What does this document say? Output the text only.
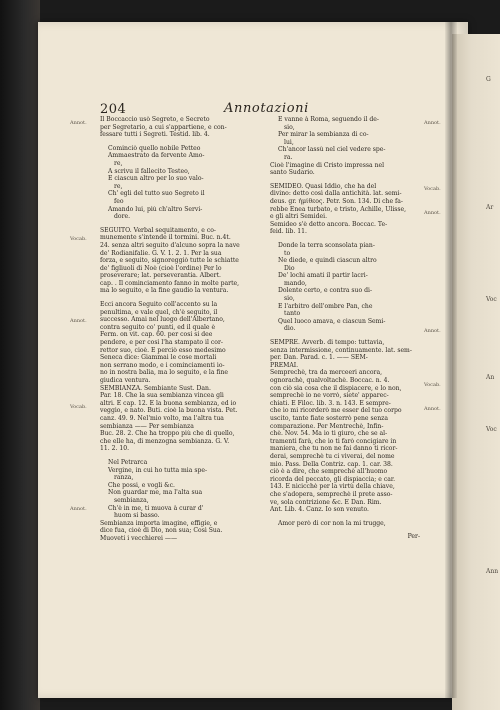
G
Ar
Voc
An
Voc
Ann
204	Annotazioni
Il Boccaccio usò Segreto, e Secreto
per Segretario, a cui s'appartiene, e con-
fessare tutti i Segreti. Testid. lib. 4.
Cominciò quello nobile Petteo
Ammaestrato da fervente Amo-
re,
A scrivu il fallecito Testeo,
E ciascun altro per lo suo valo-
re,
Ch' egli del tutto suo Segreto il
feo
Amando lui, più ch'altro Servi-
dore.
SEGUITO. Verbal sequitamento, e co-
munemente s'intende il tormini. Buc. n.4t.
24. senza altri seguito d'alcuno sopra la nave
de' Rodianifalìe. G. V. 1. 2. 1. Per la sua
forza, e seguito, signoreggiò tutte le schiatte
de' figliuoli di Noè (cioè l'ordine) Per lo
proseverare; lat. perseverantia. Albert.
cap. . Il cominciamento fanno in molte parte,
ma lo seguito, e la fine gaudio la ventura.
Ecci ancora Seguito coll'accento su la
penultima, e vale quel, ch'è seguito, il
successo. Amai nel luogo dell'Albertano,
contra seguito co' punti, ed il quale è
Ferm. on vit. cap. 60. per cosi si dee
pendere, e per così l'ha stampato il cor-
rettor suo, cioè. E perciò esso medesimo
Seneca dice: Giammai le cose mortali
non serrano modo, e i cominciamenti io-
no in nostra balìa, ma lo seguito, e la fine
giudica ventura.
SEMBIANZA. Sembiante Sust. Dan.
Par. 18. Che la sua sembianza vincea gli
altri. E cap. 12. E la buona sembianza, ed io
veggio, e nato. Buti. cioè la buona vista. Pet.
canz. 49. 9. Nel'mio volto, ma l'altra tua
sembianza —— Per sembianza
Buc. 28. 2. Che ha troppo più che di quello,
che elle ha, di menzogna sembianza. G. V.
11. 2. 10.
Nel Petrarca
Vergine, in cui ho tutta mia spe-
ranza,
Che possi, e vogli &c.
Non guardar me, ma l'alta sua
sembianza,
Ch'è in me, ti muova à curar d'
huom si basso.
Sembianza importa imagine, effigie, e
dice fua, cioè di Dio, non sua; Così Sua.
Muoveti i vecchierei ——
E vanne à Roma, seguendo il de-
sio,
Per mirar la sembianza di co-
lui,
Ch'ancor lassù nel ciel vedere spe-
ra.
Cioè l'imagine di Cristo impressa nel
santo Sudario.
SEMIDEO. Quasi Iddio, che ha del
divino: detto così dalla antichità. lat. semi-
deus. gr. ἡμίθεος. Petr. Son. 134. Di che fa-
rebbe Enea turbato, e tristo, Achille, Ulisse,
e gli altri Semidei.
Semideo s'è detto ancora. Boccac. Te-
feid. lib. 11.
Donde la terra sconsolata pian-
to
Ne diede, e quindi ciascun altro
Dio
De' lochi amati il partir lacri-
mando,
Dolente certo, e contra suo di-
sio,
E l'arbitro dell'ombre Pan, che
tanto
Quel luoco amava, e ciascun Semi-
dio.
SEMPRE. Avverb. di tempo: tuttavia,
senza intermissione, continuamente. lat. sem-
per. Dan. Parad. c. 1. —— SEM-
PREMAI.
Semprechè, tra da merceeri ancora,
ognorachè, qualvoltachè. Boccac. n. 4.
con ciò sia cosa che il dispiacere, e lo non,
semprechè io ne vorrò, siete' apparec-
chiati. E Filoc. lib. 3. n. 143. E sempre-
che io mi ricorderò me esser del tuo corpo
uscito, tante fiate sosterrò pene senza
comparazione. Per Mentrechè, Infin-
chè. Nov. 54. Ma io ti giuro, che se al-
tramenti farà, che io ti farò concigiare in
maniera, che tu non ne fai danno ti ricor-
derai, semprechè tu ci viverai, del nome
mio. Pass. Della Contriz. cap. 1. car. 38.
ciò è a dire, che semprechè all'huomo
ricorda del peccato, gli dispiaccia; e car.
143. E nicicchè per la virtù della chiave,
che s'adopera, semprechè il prete asso-
ve, sola contrizione &c. E Dan. Rim.
Ant. Lib. 4. Canz. Io son venuto.
Amor però di cor non la mi trugge,
Per-
Annot.
Vocab.
Annot.
Vocab.
Annot.
Annot.
Vocab.
Annot.
Annot.
Vocab.
Annot.
